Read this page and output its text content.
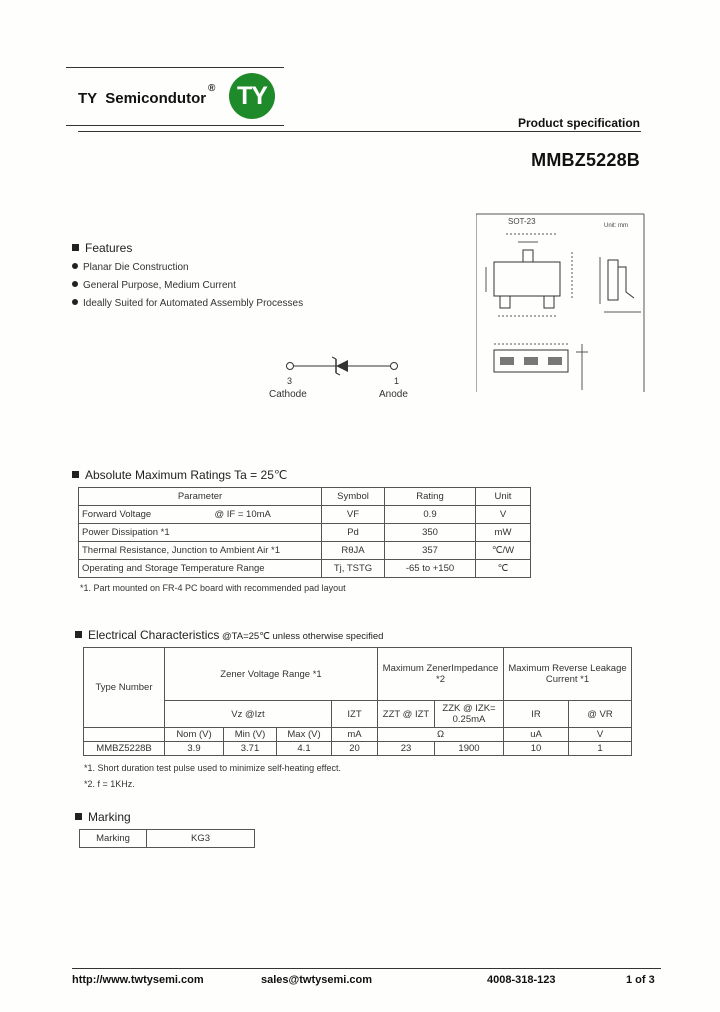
TY  Semicondutor
® TY
Product specification
MMBZ5228B
SOT-23	Unit: mm
Features
Planar Die Construction
General Purpose, Medium Current
Ideally Suited for Automated Assembly Processes
3
Cathode
1
Anode
Absolute Maximum Ratings Ta = 25℃
Parameter	Symbol	Rating	Unit
Forward Voltage @ IF = 10mA	VF	0.9	V
Power Dissipation *1	Pd	350	mW
Thermal Resistance, Junction to Ambient Air *1	RθJA	357	℃/W
Operating and Storage Temperature Range	Tj, TSTG	-65 to +150	℃
*1. Part mounted on FR-4 PC board with recommended pad layout
Electrical Characteristics @TA=25℃ unless otherwise specified
Type Number	Zener Voltage Range *1				Maximum ZenerImpedance *2		Maximum Reverse Leakage Current *1	
	Vz @Izt			IZT	ZZT @ IZT	ZZK @ IZK= 0.25mA	IR	@ VR
	Nom (V)	Min (V)	Max (V)	mA	Ω		uA	V
MMBZ5228B	3.9	3.71	4.1	20	23	1900	10	1
*1. Short duration test pulse used to minimize self-heating effect.
*2. f = 1KHz.
Marking
Marking	KG3
http://www.twtysemi.com	sales@twtysemi.com	4008-318-123	1 of 3
